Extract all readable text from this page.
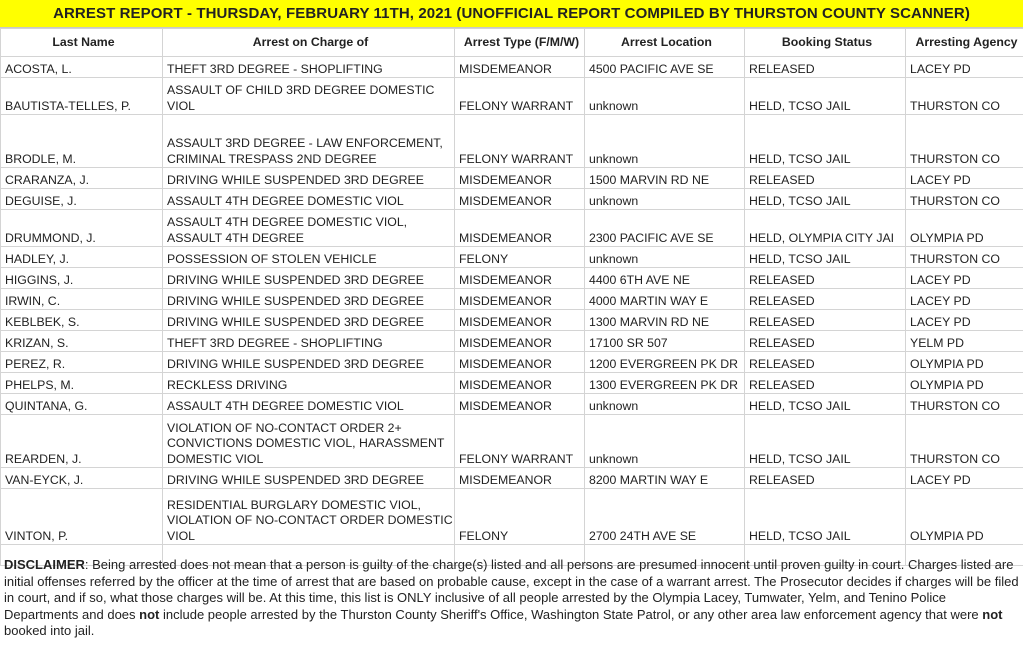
ARREST REPORT - THURSDAY, FEBRUARY 11TH, 2021 (UNOFFICIAL REPORT COMPILED BY THURSTON COUNTY SCANNER)
Last Name	Arrest on Charge of	Arrest Type (F/M/W)	Arrest Location	Booking Status	Arresting Agency
ACOSTA, L.	THEFT 3RD DEGREE - SHOPLIFTING	MISDEMEANOR	4500 PACIFIC AVE SE	RELEASED	LACEY PD
BAUTISTA-TELLES, P.	ASSAULT OF CHILD 3RD DEGREE DOMESTIC VIOL	FELONY WARRANT	unknown	HELD, TCSO JAIL	THURSTON CO
BRODLE, M.	ASSAULT 3RD DEGREE - LAW ENFORCEMENT, CRIMINAL TRESPASS 2ND DEGREE	FELONY WARRANT	unknown	HELD, TCSO JAIL	THURSTON CO
CRARANZA, J.	DRIVING WHILE SUSPENDED 3RD DEGREE	MISDEMEANOR	1500 MARVIN RD NE	RELEASED	LACEY PD
DEGUISE, J.	ASSAULT 4TH DEGREE DOMESTIC VIOL	MISDEMEANOR	unknown	HELD, TCSO JAIL	THURSTON CO
DRUMMOND, J.	ASSAULT 4TH DEGREE DOMESTIC VIOL, ASSAULT 4TH DEGREE	MISDEMEANOR	2300 PACIFIC AVE SE	HELD, OLYMPIA CITY JAI	OLYMPIA PD
HADLEY, J.	POSSESSION OF STOLEN VEHICLE	FELONY	unknown	HELD, TCSO JAIL	THURSTON CO
HIGGINS, J.	DRIVING WHILE SUSPENDED 3RD DEGREE	MISDEMEANOR	4400 6TH AVE NE	RELEASED	LACEY PD
IRWIN, C.	DRIVING WHILE SUSPENDED 3RD DEGREE	MISDEMEANOR	4000 MARTIN WAY E	RELEASED	LACEY PD
KEBLBEK, S.	DRIVING WHILE SUSPENDED 3RD DEGREE	MISDEMEANOR	1300 MARVIN RD NE	RELEASED	LACEY PD
KRIZAN, S.	THEFT 3RD DEGREE - SHOPLIFTING	MISDEMEANOR	17100 SR 507	RELEASED	YELM PD
PEREZ, R.	DRIVING WHILE SUSPENDED 3RD DEGREE	MISDEMEANOR	1200 EVERGREEN PK DR	RELEASED	OLYMPIA PD
PHELPS, M.	RECKLESS DRIVING	MISDEMEANOR	1300 EVERGREEN PK DR	RELEASED	OLYMPIA PD
QUINTANA, G.	ASSAULT 4TH DEGREE DOMESTIC VIOL	MISDEMEANOR	unknown	HELD, TCSO JAIL	THURSTON CO
REARDEN, J.	VIOLATION OF NO-CONTACT ORDER 2+ CONVICTIONS DOMESTIC VIOL, HARASSMENT DOMESTIC VIOL	FELONY WARRANT	unknown	HELD, TCSO JAIL	THURSTON CO
VAN-EYCK, J.	DRIVING WHILE SUSPENDED 3RD DEGREE	MISDEMEANOR	8200 MARTIN WAY E	RELEASED	LACEY PD
VINTON, P.	RESIDENTIAL BURGLARY DOMESTIC VIOL, VIOLATION OF NO-CONTACT ORDER DOMESTIC VIOL	FELONY	2700 24TH AVE SE	HELD, TCSO JAIL	OLYMPIA PD

DISCLAIMER: Being arrested does not mean that a person is guilty of the charge(s) listed and all persons are presumed innocent until proven guilty in court. Charges listed are initial offenses referred by the officer at the time of arrest that are based on probable cause, except in the case of a warrant arrest. The Prosecutor decides if charges will be filed in court, and if so, what those charges will be. At this time, this list is ONLY inclusive of all people arrested by the Olympia Lacey, Tumwater, Yelm, and Tenino Police Departments and does not include people arrested by the Thurston County Sheriff's Office, Washington State Patrol, or any other area law enforcement agency that were not booked into jail.
